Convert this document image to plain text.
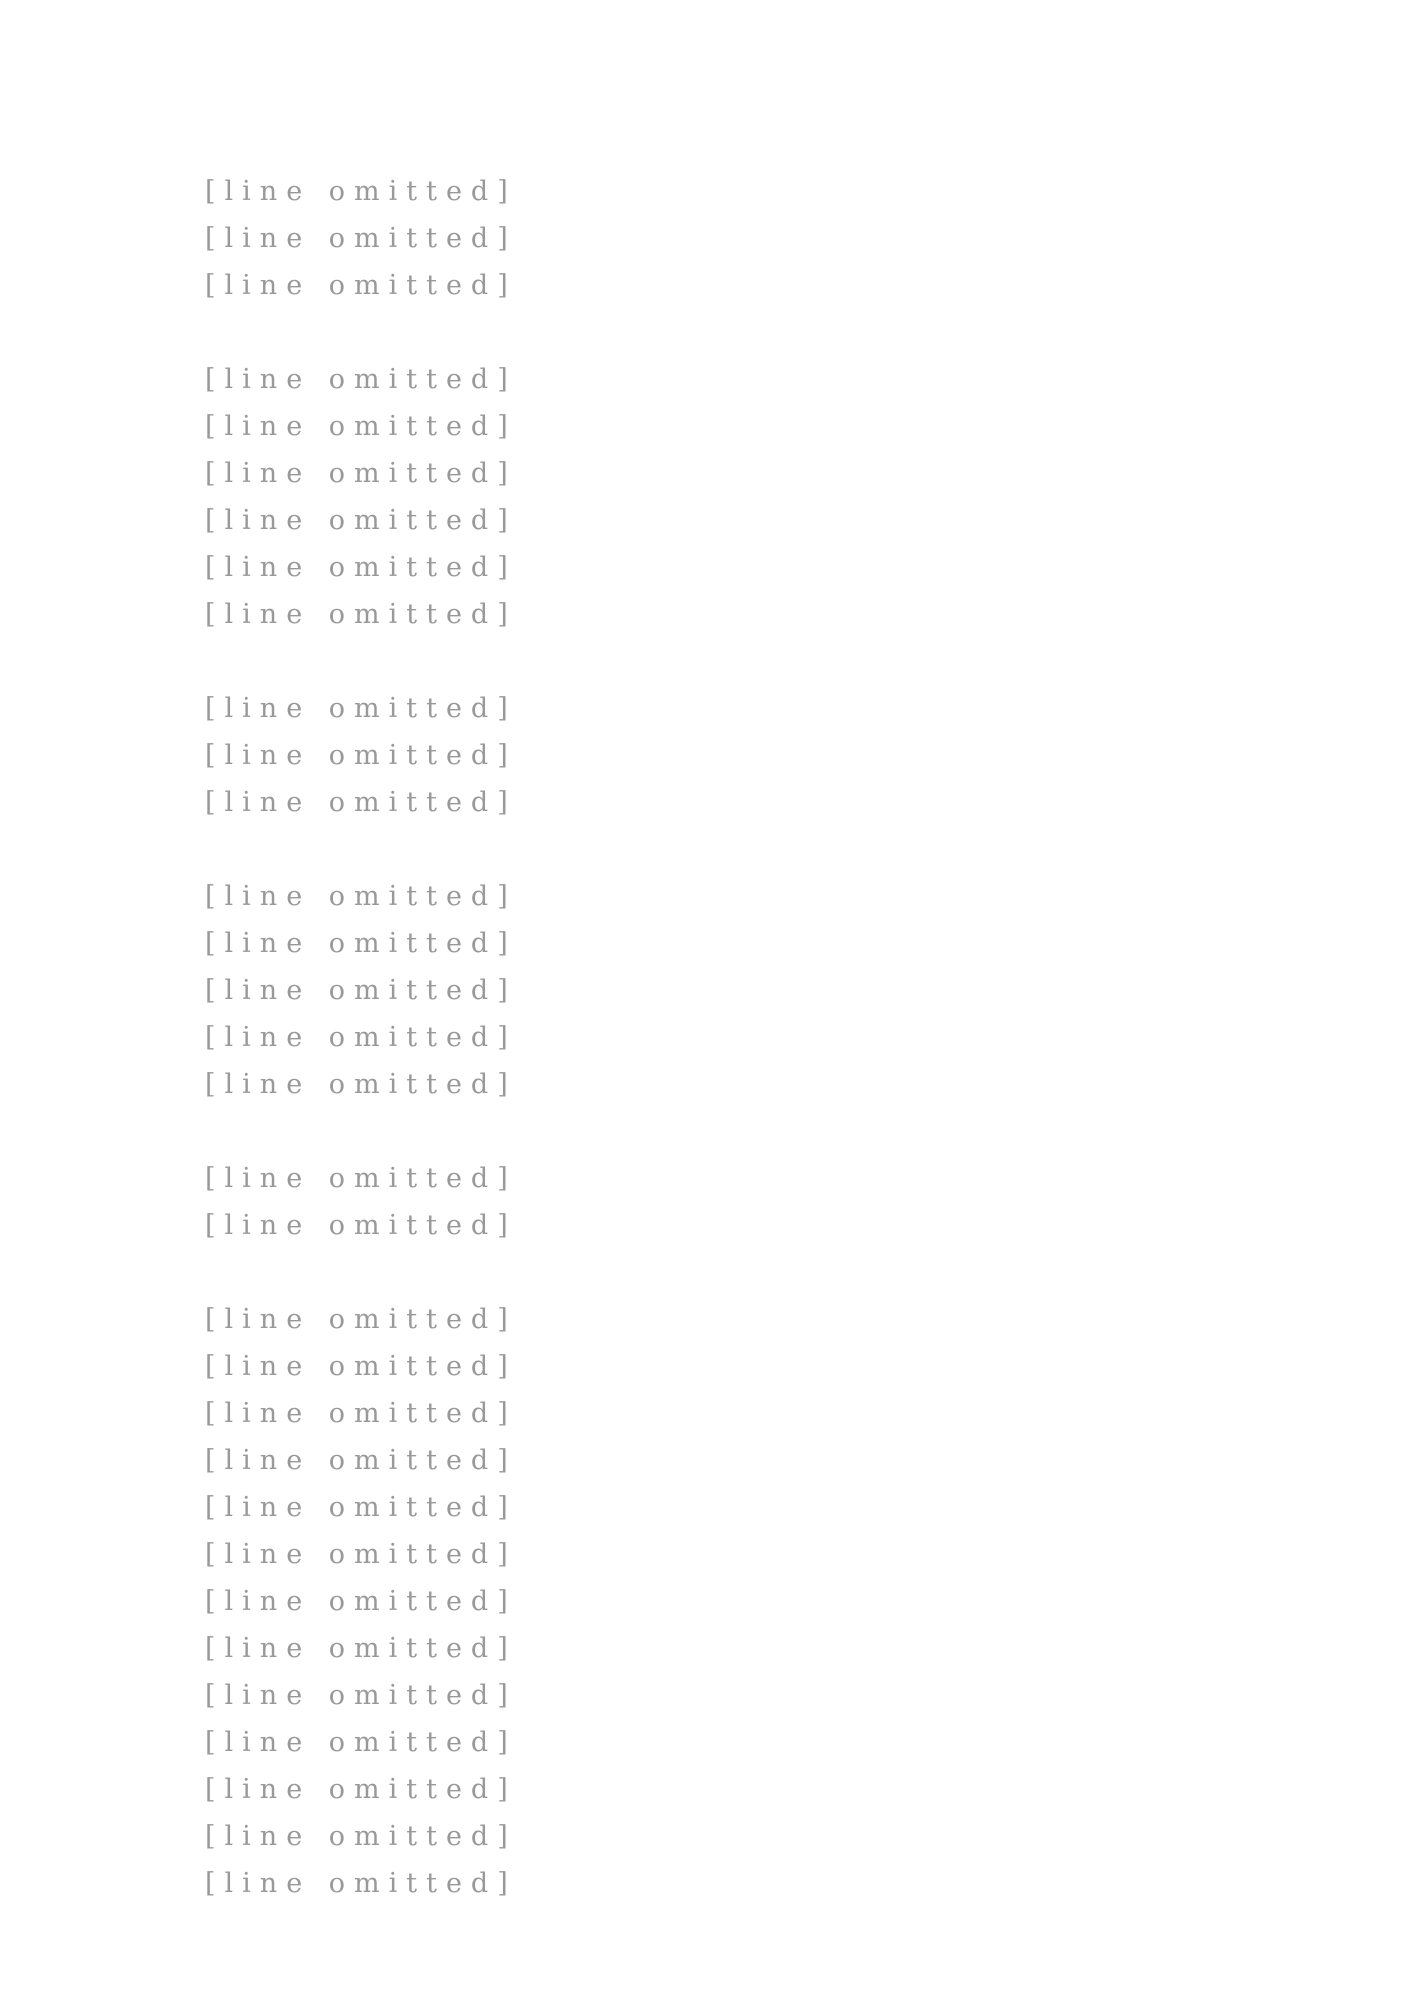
[line omitted]
[line omitted]
[line omitted]
[line omitted]
[line omitted]
[line omitted]
[line omitted]
[line omitted]
[line omitted]
[line omitted]
[line omitted]
[line omitted]
[line omitted]
[line omitted]
[line omitted]
[line omitted]
[line omitted]
[line omitted]
[line omitted]
[line omitted]
[line omitted]
[line omitted]
[line omitted]
[line omitted]
[line omitted]
[line omitted]
[line omitted]
[line omitted]
[line omitted]
[line omitted]
[line omitted]
[line omitted]
